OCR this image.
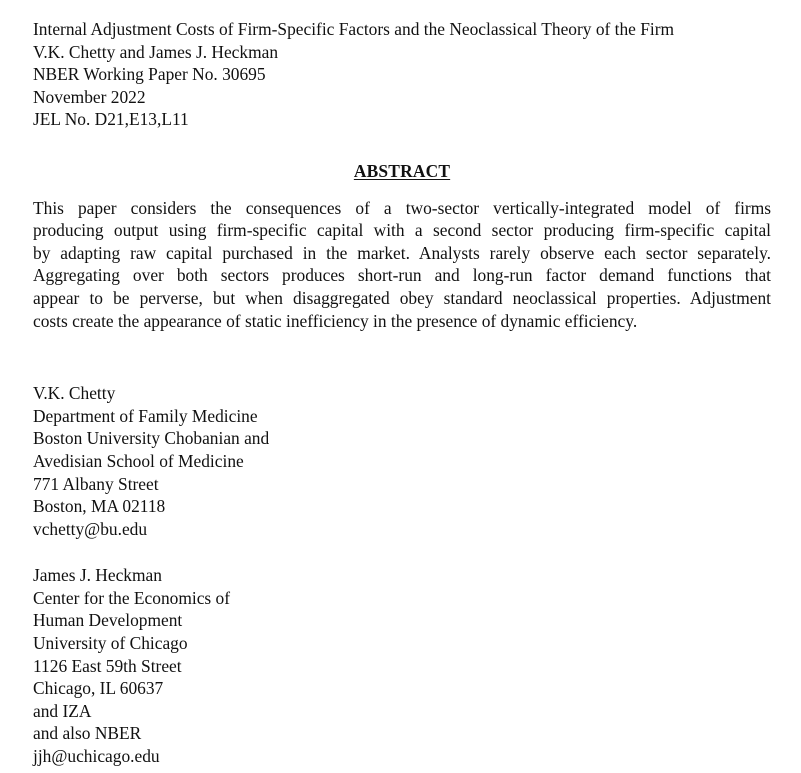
Internal Adjustment Costs of Firm-Specific Factors and the Neoclassical Theory of the Firm
V.K. Chetty and James J. Heckman
NBER Working Paper No. 30695
November 2022
JEL No. D21,E13,L11
ABSTRACT
This paper considers the consequences of a two-sector vertically-integrated model of firms
producing output using firm-specific capital with a second sector producing firm-specific capital
by adapting raw capital purchased in the market. Analysts rarely observe each sector separately.
Aggregating over both sectors produces short-run and long-run factor demand functions that
appear to be perverse, but when disaggregated obey standard neoclassical properties. Adjustment
costs create the appearance of static inefficiency in the presence of dynamic efficiency.
V.K. Chetty
Department of Family Medicine
Boston University Chobanian and
Avedisian School of Medicine
771 Albany Street
Boston, MA 02118
vchetty@bu.edu
James J. Heckman
Center for the Economics of
Human Development
University of Chicago
1126 East 59th Street
Chicago, IL 60637
and IZA
and also NBER
jjh@uchicago.edu
